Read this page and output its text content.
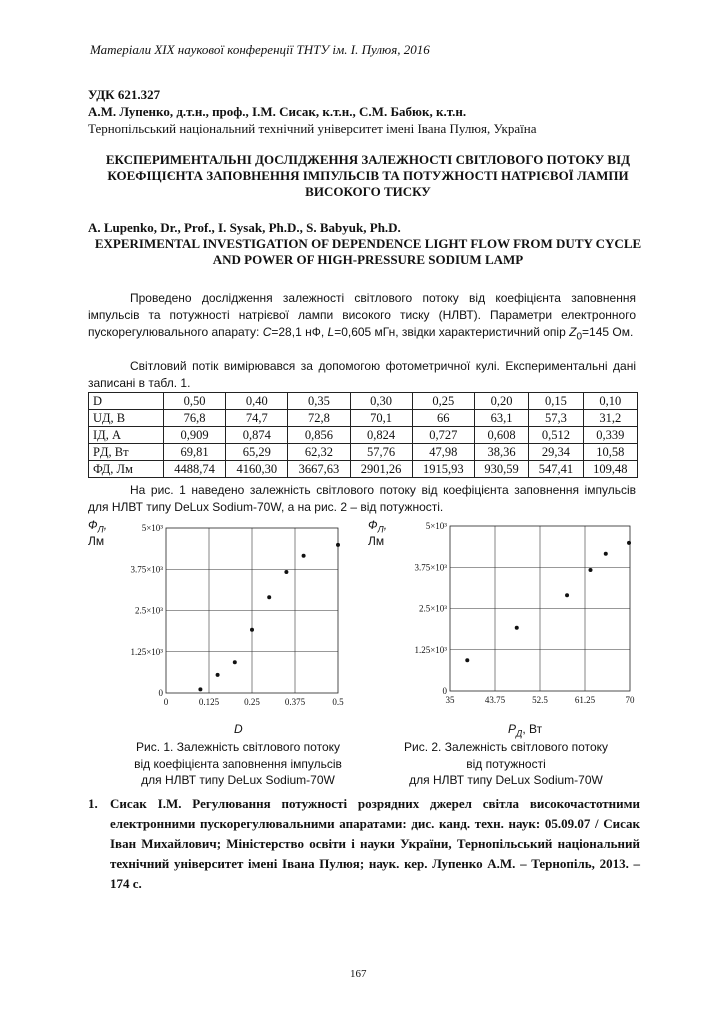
Матеріали XIX наукової конференції ТНТУ ім. І. Пулюя, 2016
УДК 621.327
А.М. Лупенко, д.т.н., проф., І.М. Сисак, к.т.н., С.М. Бабюк, к.т.н.
Тернопільський національний технічний університет імені Івана Пулюя, Україна
ЕКСПЕРИМЕНТАЛЬНІ ДОСЛІДЖЕННЯ ЗАЛЕЖНОСТІ СВІТЛОВОГО ПОТОКУ ВІД КОЕФІЦІЄНТА ЗАПОВНЕННЯ ІМПУЛЬСІВ ТА ПОТУЖНОСТІ НАТРІЄВОЇ ЛАМПИ ВИСОКОГО ТИСКУ
A. Lupenko, Dr., Prof., I. Sysak, Ph.D., S. Babyuk, Ph.D.
EXPERIMENTAL INVESTIGATION OF DEPENDENCE LIGHT FLOW FROM DUTY CYCLE AND POWER OF HIGH-PRESSURE SODIUM LAMP
Проведено дослідження залежності світлового потоку від коефіцієнта заповнення імпульсів та потужності натрієвої лампи високого тиску (НЛВТ). Параметри електронного пускорегулювального апарату: C=28,1 нФ, L=0,605 мГн, звідки характеристичний опір $Z_0=145$ Ом.
Світловий потік вимірювався за допомогою фотометричної кулі. Експериментальні дані записані в табл. 1.
D	0,50	0,40	0,35	0,30	0,25	0,20	0,15	0,10
UД, В	76,8	74,7	72,8	70,1	66	63,1	57,3	31,2
IД, А	0,909	0,874	0,856	0,824	0,727	0,608	0,512	0,339
PД, Вт	69,81	65,29	62,32	57,76	47,98	38,36	29,34	10,58
ФД, Лм	4488,74	4160,30	3667,63	2901,26	1915,93	930,59	547,41	109,48
На рис. 1 наведено залежність світлового потоку від коефіцієнта заповнення імпульсів для НЛВТ типу DeLux Sodium-70W, а на рис. 2 – від потужності.
$Ф_Л$,
Лм
0	0.125	0.25	0.375	0.5
0
1.25×10³
2.5×10³
3.75×10³
5×10³
D
Рис. 1. Залежність світлового потоку
від коефіцієнта заповнення імпульсів
для НЛВТ типу DeLux Sodium-70W
$Ф_Л$,
Лм
35	43.75	52.5	61.25	70
0
1.25×10³
2.5×10³
3.75×10³
5×10³
$P_Д$, Вт
Рис. 2. Залежність світлового потоку
від потужності
для НЛВТ типу DeLux Sodium-70W
1. Сисак І.М. Регулювання потужності розрядних джерел світла високочастотними електронними пускорегулювальними апаратами: дис. канд. техн. наук: 05.09.07 / Сисак Іван Михайлович; Міністерство освіти і науки України, Тернопільський національний технічний університет імені Івана Пулюя; наук. кер. Лупенко А.М. – Тернопіль, 2013. – 174 с.
167
